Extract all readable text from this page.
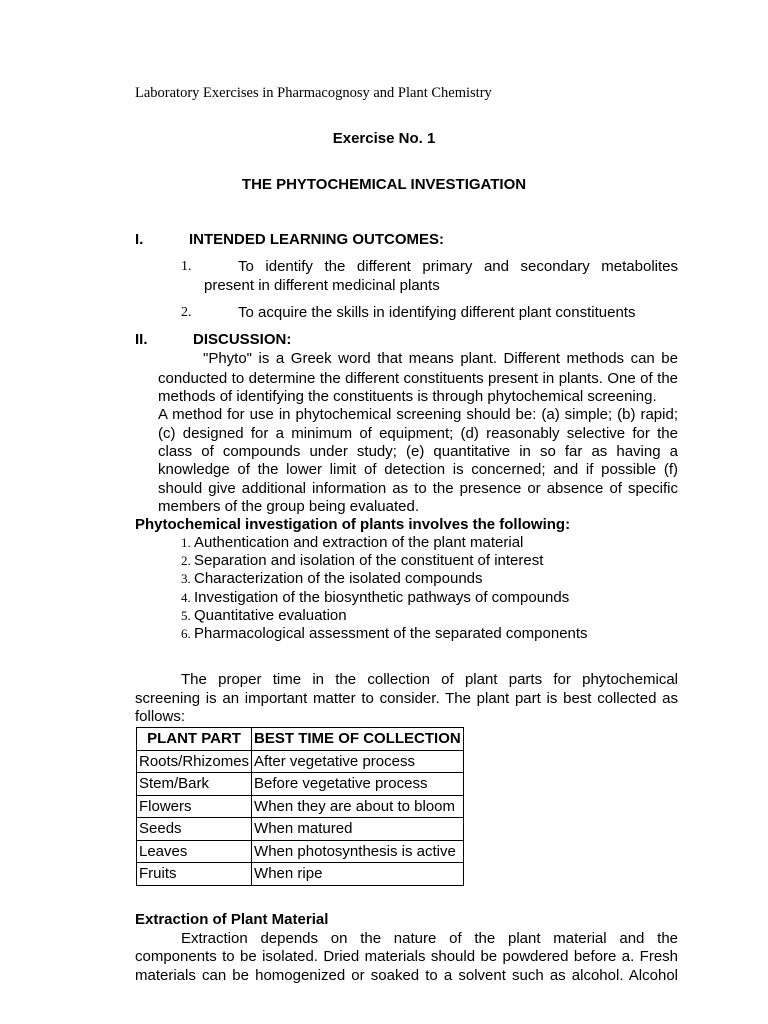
Laboratory Exercises in Pharmacognosy and Plant Chemistry
Exercise No. 1
THE PHYTOCHEMICAL INVESTIGATION
I.	INTENDED LEARNING OUTCOMES:
1.	To identify the different primary and secondary metabolites
present in different medicinal plants
2.	To acquire the skills in identifying different plant constituents
II.	DISCUSSION:
"Phyto" is a Greek word that means plant. Different methods can be
conducted to determine the different constituents present in plants. One of the
methods of identifying the constituents is through phytochemical screening.
A method for use in phytochemical screening should be: (a) simple; (b) rapid;
(c) designed for a minimum of equipment; (d) reasonably selective for the
class of compounds under study; (e) quantitative in so far as having a
knowledge of the lower limit of detection is concerned; and if possible (f)
should give additional information as to the presence or absence of specific
members of the group being evaluated.
Phytochemical investigation of plants involves the following:
1. Authentication and extraction of the plant material
2. Separation and isolation of the constituent of interest
3. Characterization of the isolated compounds
4. Investigation of the biosynthetic pathways of compounds
5. Quantitative evaluation
6. Pharmacological assessment of the separated components
The proper time in the collection of plant parts for phytochemical
screening is an important matter to consider. The plant part is best collected as
follows:
PLANT PART	BEST TIME OF COLLECTION
Roots/Rhizomes	After vegetative process
Stem/Bark	Before vegetative process
Flowers	When they are about to bloom
Seeds	When matured
Leaves	When photosynthesis is active
Fruits	When ripe
Extraction of Plant Material
Extraction depends on the nature of the plant material and the
components to be isolated. Dried materials should be powdered before a. Fresh
materials can be homogenized or soaked to a solvent such as alcohol. Alcohol
